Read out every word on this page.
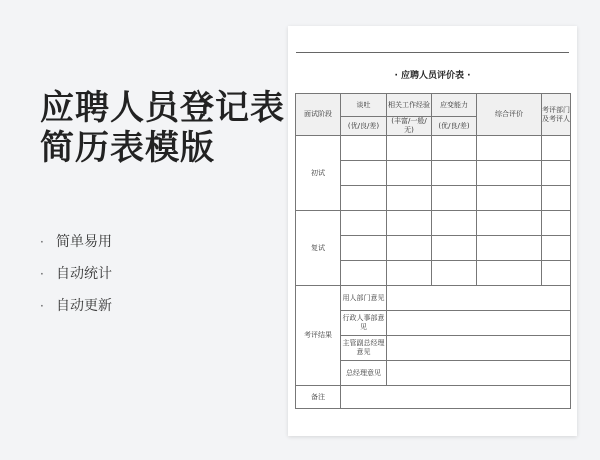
应聘人员登记表
简历表模版
· 简单易用
· 自动统计
· 自动更新
· 应聘人员评价表 ·
面试阶段	谈吐	相关工作经验	应变能力	综合评价	考评部门及考评人
	(优/良/差)	(丰富/一般/无)	(优/良/差)		
初试					

复试					

考评结果	用人部门意见				
	行政人事部意见				
	主管副总经理意见				
	总经理意见				
备注					
